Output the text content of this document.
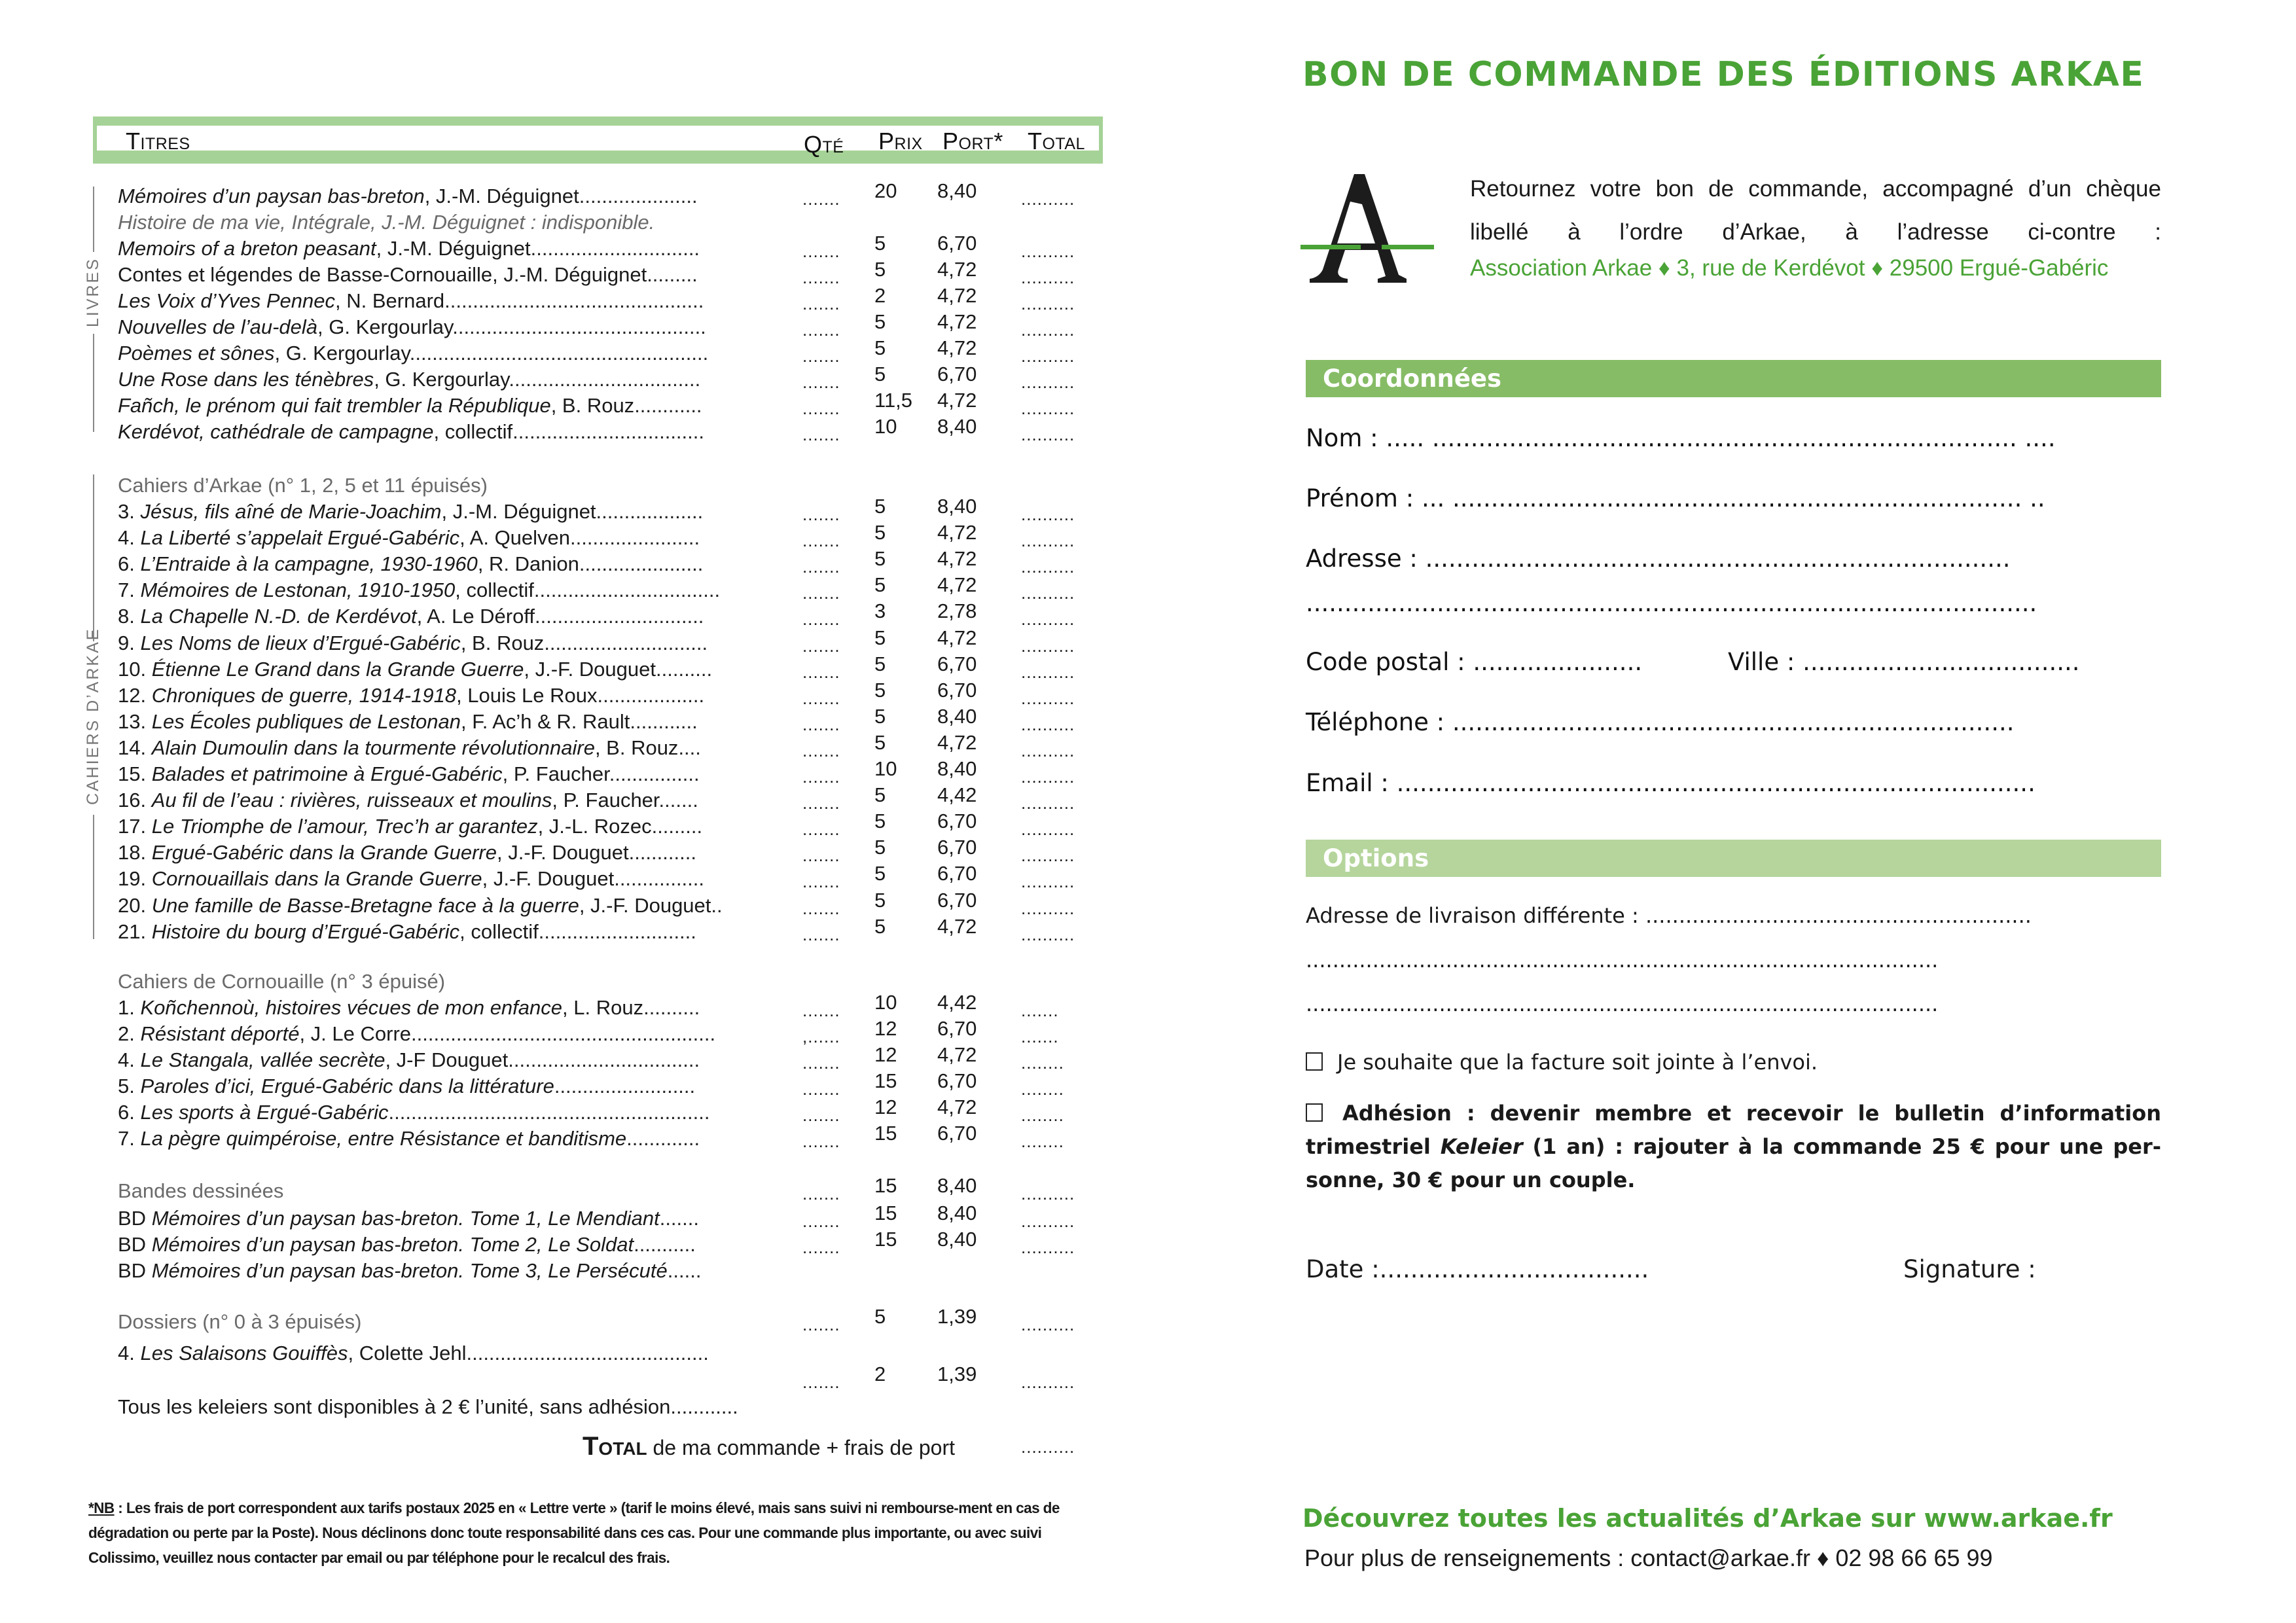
Titres	Qté Prix Port* Total
LIVRES
CAHIERS D’ARKAE
Mémoires d’un paysan bas-breton, J.-M. Déguignet.....................	....... 20 8,40	..........
Histoire de ma vie, Intégrale, J.-M. Déguignet : indisponible.
Memoirs of a breton peasant, J.-M. Déguignet..............................	....... 5	6,70	..........
Contes et légendes de Basse-Cornouaille, J.-M. Déguignet.........	....... 5	4,72	..........
Les Voix d’Yves Pennec, N. Bernard..............................................	....... 2	4,72	..........
Nouvelles de l’au-delà, G. Kergourlay.............................................	....... 5	4,72	..........
Poèmes et sônes, G. Kergourlay.....................................................	....... 5	4,72	..........
Une Rose dans les ténèbres, G. Kergourlay..................................	....... 5	6,70	..........
Fañch, le prénom qui fait trembler la République, B. Rouz............	....... 11,5 4,72	..........
Kerdévot, cathédrale de campagne, collectif..................................	....... 10 8,40	..........
Cahiers d’Arkae (n° 1, 2, 5 et 11 épuisés)
3. Jésus, fils aîné de Marie-Joachim, J.-M. Déguignet...................	....... 5	8,40	..........
4. La Liberté s’appelait Ergué-Gabéric, A. Quelven.......................	....... 5	4,72	..........
6. L’Entraide à la campagne, 1930-1960, R. Danion......................	....... 5	4,72	..........
7. Mémoires de Lestonan, 1910-1950, collectif.................................	....... 5	4,72	..........
8. La Chapelle N.-D. de Kerdévot, A. Le Déroff..............................	....... 3	2,78	..........
9. Les Noms de lieux d’Ergué-Gabéric, B. Rouz.............................	....... 5	4,72	..........
10. Étienne Le Grand dans la Grande Guerre, J.-F. Douguet..........	....... 5	6,70	..........
12. Chroniques de guerre, 1914-1918, Louis Le Roux...................	....... 5	6,70	..........
13. Les Écoles publiques de Lestonan, F. Ac’h & R. Rault............	....... 5	8,40	..........
14. Alain Dumoulin dans la tourmente révolutionnaire, B. Rouz....	....... 5	4,72	..........
15. Balades et patrimoine à Ergué-Gabéric, P. Faucher................	....... 10 8,40	..........
16. Au fil de l’eau : rivières, ruisseaux et moulins, P. Faucher.......	....... 5	4,42	..........
17. Le Triomphe de l’amour, Trec’h ar garantez, J.-L. Rozec.........	....... 5	6,70	..........
18. Ergué-Gabéric dans la Grande Guerre, J.-F. Douguet............	....... 5	6,70	..........
19. Cornouaillais dans la Grande Guerre, J.-F. Douguet................	....... 5	6,70	..........
20. Une famille de Basse-Bretagne face à la guerre, J.-F. Douguet..	....... 5	6,70	..........
21. Histoire du bourg d’Ergué-Gabéric, collectif............................	....... 5	4,72	..........
Cahiers de Cornouaille (n° 3 épuisé)
1. Koñchennoù, histoires vécues de mon enfance, L. Rouz..........	....... 10 4,42	.......
2. Résistant déporté, J. Le Corre......................................................	,...... 12 6,70	.......
4. Le Stangala, vallée secrète, J-F Douguet..................................	....... 12 4,72	........
5. Paroles d’ici, Ergué-Gabéric dans la littérature.........................	....... 15 6,70	........
6. Les sports à Ergué-Gabéric.........................................................	....... 12 4,72	........
7. La pègre quimpéroise, entre Résistance et banditisme.............	....... 15 6,70	........
Bandes dessinées	....... 15 8,40	..........
BD Mémoires d’un paysan bas-breton. Tome 1, Le Mendiant.......	....... 15 8,40	..........
BD Mémoires d’un paysan bas-breton. Tome 2, Le Soldat...........	....... 15 8,40	..........
BD Mémoires d’un paysan bas-breton. Tome 3, Le Persécuté......
Dossiers (n° 0 à 3 épuisés)	....... 5	1,39	..........
4. Les Salaisons Gouiffès, Colette Jehl...........................................
....... 2	1,39	..........
Tous les keleiers sont disponibles à 2 € l’unité, sans adhésion............
Total de ma commande + frais de port	..........
*NB : Les frais de port correspondent aux tarifs postaux 2025 en « Lettre verte » (tarif le moins élevé, mais sans suivi ni rembourse-ment en cas de dégradation ou perte par la Poste). Nous déclinons donc toute responsabilité dans ces cas. Pour une commande plus importante, ou avec suivi Colissimo, veuillez nous contacter par email ou par téléphone pour le recalcul des frais.
BON DE COMMANDE DES ÉDITIONS ARKAE
Retournez votre bon de commande, accompagné d’un chèque libellé à l’ordre d’Arkae, à l’adresse ci-contre :
Association Arkae ♦ 3, rue de Kerdévot ♦ 29500 Ergué-Gabéric
Coordonnées
Nom : ..... ............................................................................ ....
Prénom : ... .......................................................................... ..
Adresse : ............................................................................
...............................................................................................
Code postal : ......................	Ville : ....................................
Téléphone : .........................................................................
Email : ...................................................................................
Options
Adresse de livraison différente : ..........................................................
...............................................................................................
...............................................................................................
Je souhaite que la facture soit jointe à l’envoi.
Adhésion : devenir membre et recevoir le bulletin d’information trimestriel Keleier (1 an) : rajouter à la commande 25 € pour une per-sonne, 30 € pour un couple.
Date :...................................	Signature :
Découvrez toutes les actualités d’Arkae sur www.arkae.fr
Pour plus de renseignements : contact@arkae.fr ♦ 02 98 66 65 99
